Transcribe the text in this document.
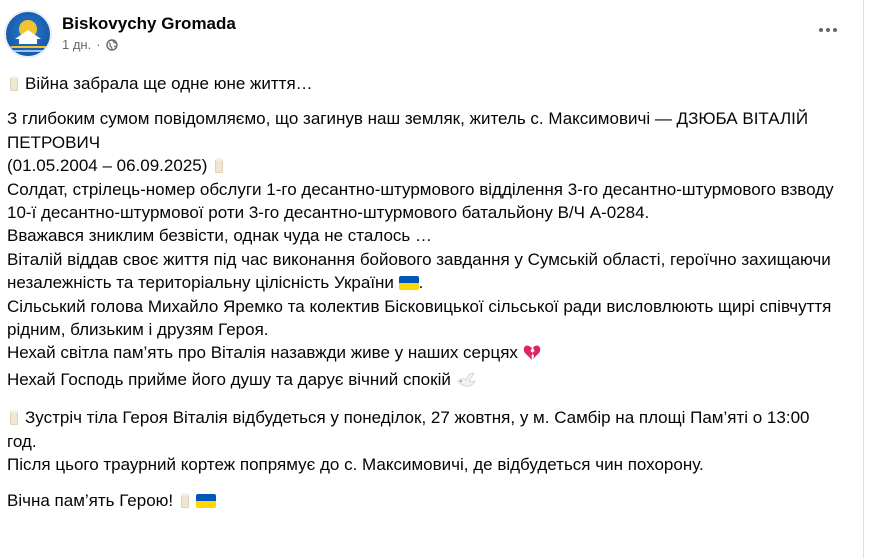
Biskovychy Gromada
1 дн. ·

Війна забрала ще одне юне життя…

З глибоким сумом повідомляємо, що загинув наш земляк, житель с. Максимовичі — ДЗЮБА ВІТАЛІЙ ПЕТРОВИЧ

(01.05.2004 – 06.09.2025)

Солдат, стрілець-номер обслуги 1-го десантно-штурмового відділення 3-го десантно-штурмового взводу 10-ї десантно-штурмової роти 3-го десантно-штурмового батальйону В/Ч А-0284.

Вважався зниклим безвісти, однак чуда не сталось …

Віталій віддав своє життя під час виконання бойового завдання у Сумській області, героїчно захищаючи незалежність та територіальну цілісність України .

Сільський голова Михайло Яремко та колектив Бісковицької сільської ради висловлюють щирі співчуття рідним, близьким і друзям Героя.

Нехай світла пам’ять про Віталія назавжди живе у наших серцях

Нехай Господь прийме його душу та дарує вічний спокій

Зустріч тіла Героя Віталія відбудеться у понеділок, 27 жовтня, у м. Самбір на площі Пам’яті о 13:00 год.

Після цього траурний кортеж попрямує до с. Максимовичі, де відбудеться чин похорону.

Вічна пам’ять Герою!
